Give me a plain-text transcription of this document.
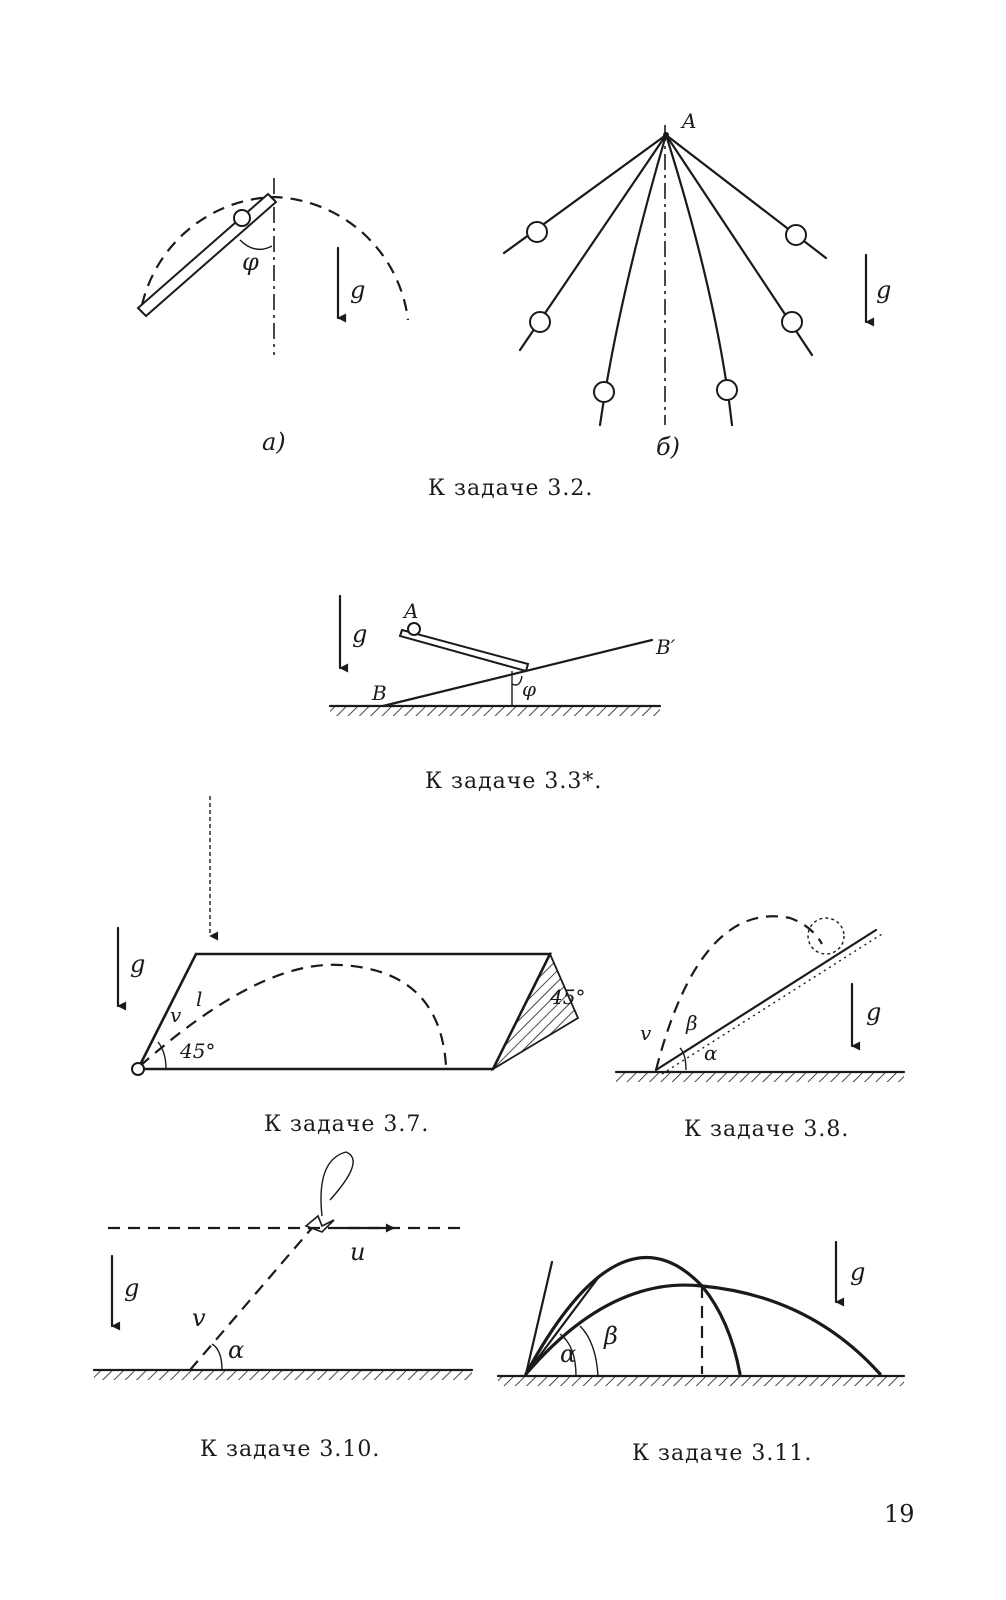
φ
g
а)
A
g
б)
К задаче 3.2.
A
φ
B
B′
g
К задаче 3.3*.
45°
v
l	45°
g
К задаче 3.7.
α
β
v
g
К задаче 3.8.
u
α
v
g
К задаче 3.10.
α
β
g
К задаче 3.11.
19
